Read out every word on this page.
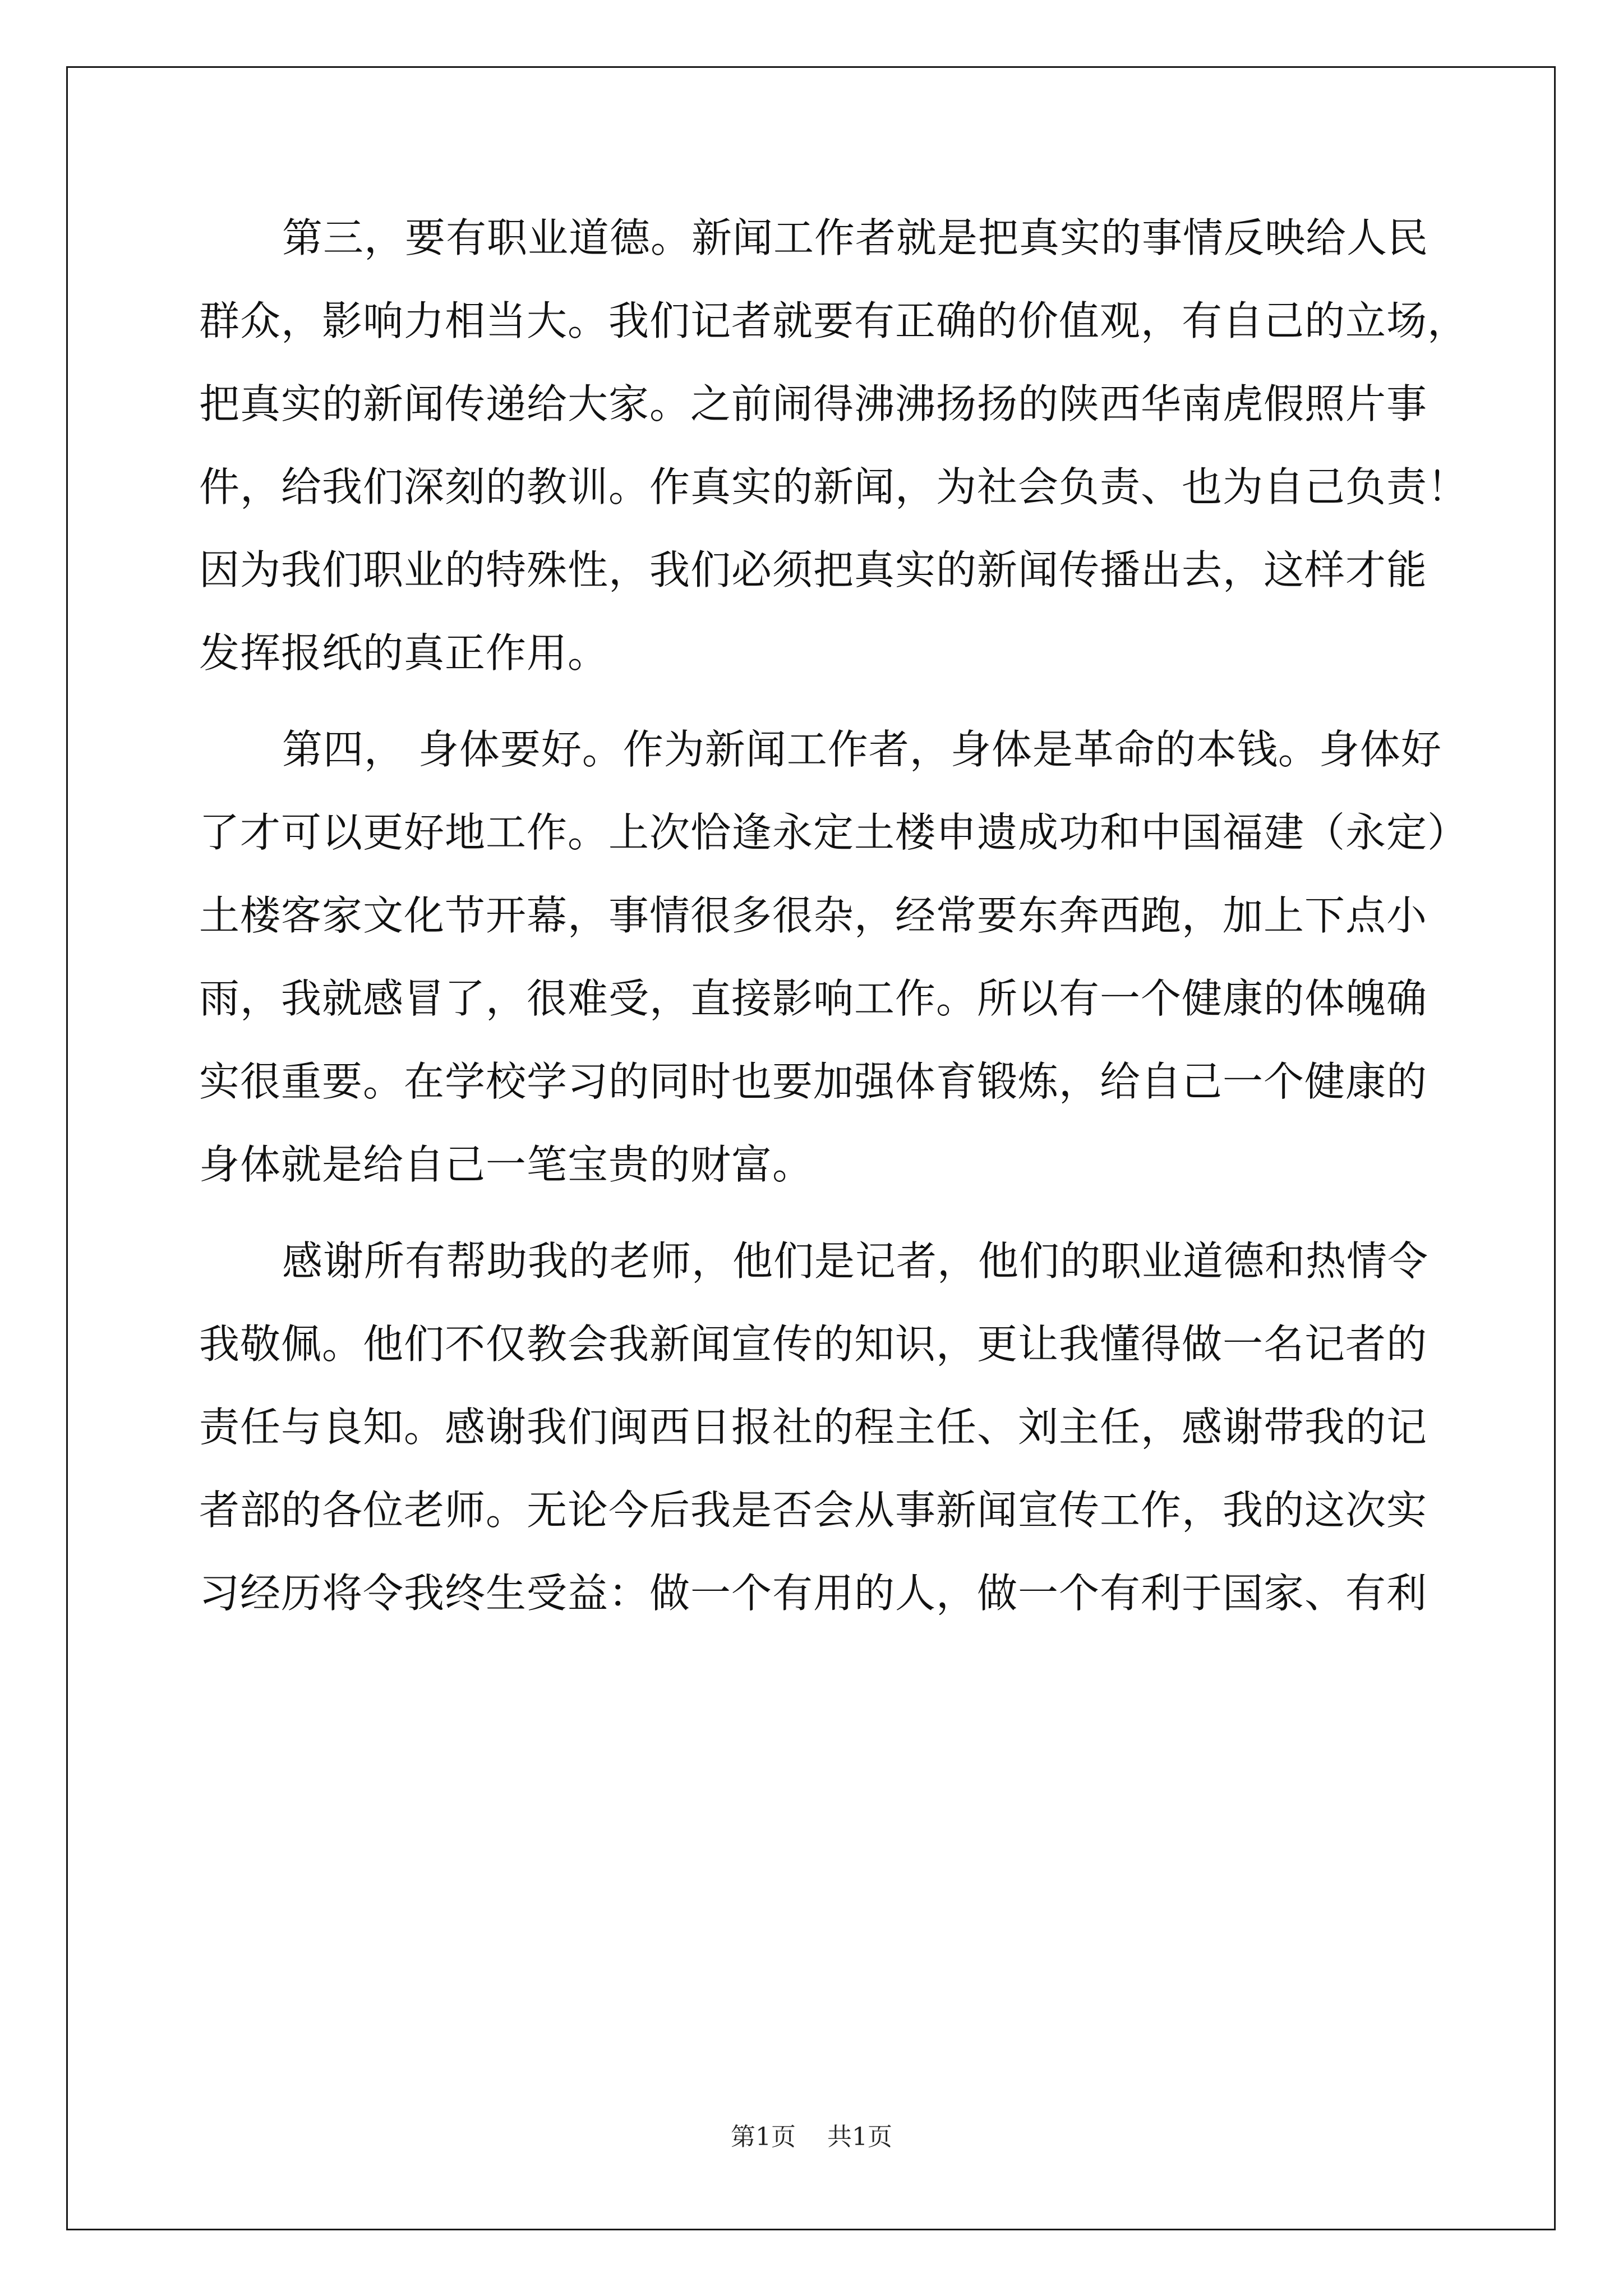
第三，要有职业道德。新闻工作者就是把真实的事情反映给人民
群众，影响力相当大。我们记者就要有正确的价值观，有自己的立场，
把真实的新闻传递给大家。之前闹得沸沸扬扬的陕西华南虎假照片事
件，给我们深刻的教训。作真实的新闻，为社会负责、也为自己负责！
因为我们职业的特殊性，我们必须把真实的新闻传播出去，这样才能
发挥报纸的真正作用。
第四， 身体要好。作为新闻工作者，身体是革命的本钱。身体好
了才可以更好地工作。上次恰逢永定土楼申遗成功和中国福建（永定）
土楼客家文化节开幕，事情很多很杂，经常要东奔西跑，加上下点小
雨，我就感冒了，很难受，直接影响工作。所以有一个健康的体魄确
实很重要。在学校学习的同时也要加强体育锻炼，给自己一个健康的
身体就是给自己一笔宝贵的财富。
感谢所有帮助我的老师，他们是记者，他们的职业道德和热情令
我敬佩。他们不仅教会我新闻宣传的知识，更让我懂得做一名记者的
责任与良知。感谢我们闽西日报社的程主任、刘主任，感谢带我的记
者部的各位老师。无论今后我是否会从事新闻宣传工作，我的这次实
习经历将令我终生受益：做一个有用的人，做一个有利于国家、有利
第1页 共1页
